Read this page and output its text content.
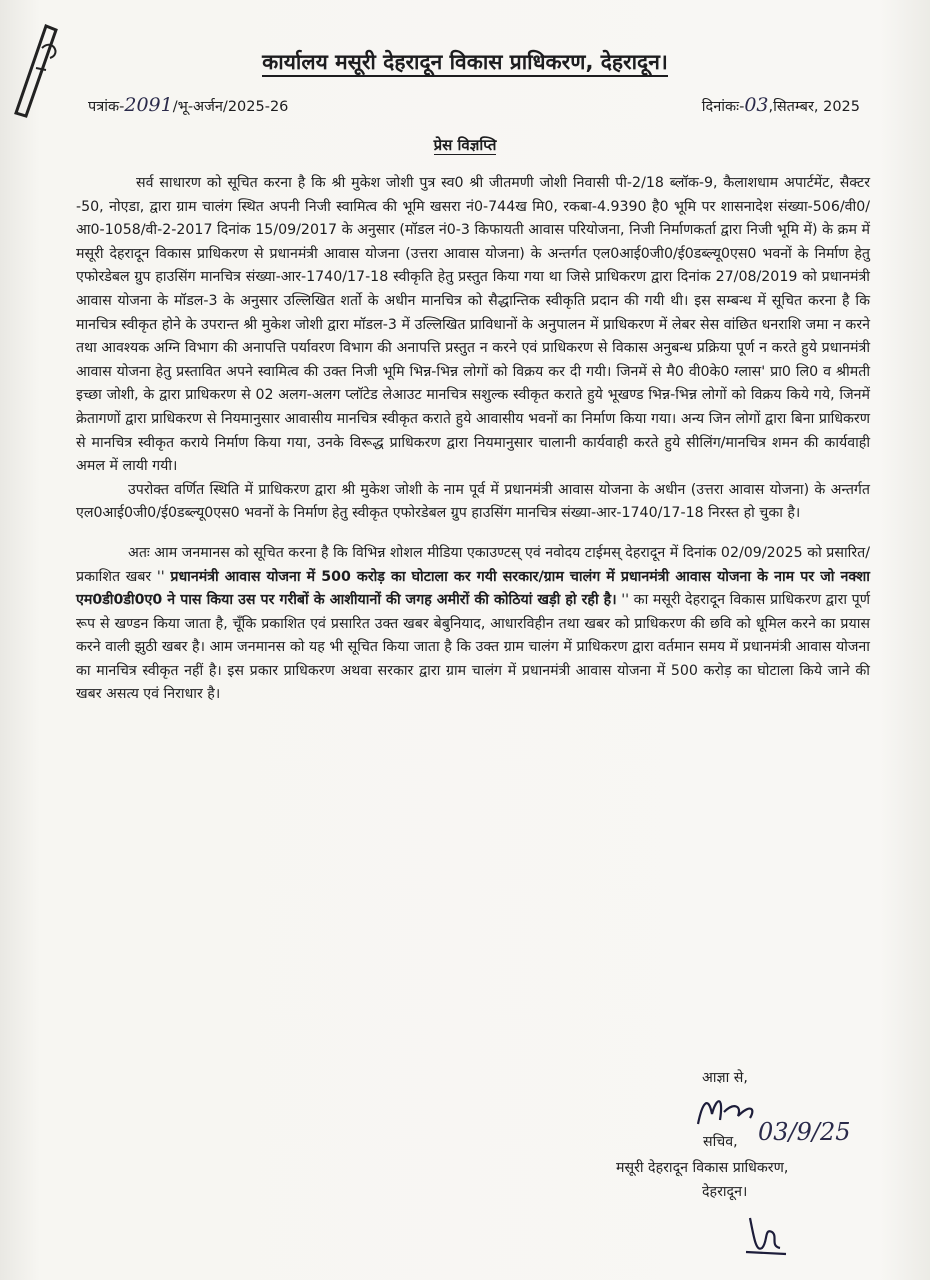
कार्यालय मसूरी देहरादून विकास प्राधिकरण, देहरादून।
पत्रांक-2091/भू-अर्जन/2025-26	दिनांकः-03,सितम्बर, 2025
प्रेस विज्ञप्ति

सर्व साधारण को सूचित करना है कि श्री मुकेश जोशी पुत्र स्व0 श्री जीतमणी जोशी निवासी पी-2/18 ब्लॉक-9, कैलाशधाम अपार्टमेंट, सैक्टर -50, नोएडा, द्वारा ग्राम चालंग स्थित अपनी निजी स्वामित्व की भूमि खसरा नं0-744ख मि0, रकबा-4.9390 है0 भूमि पर शासनादेश संख्या-506/वी0/आ0-1058/वी-2-2017 दिनांक 15/09/2017 के अनुसार (मॉडल नं0-3 किफायती आवास परियोजना, निजी निर्माणकर्ता द्वारा निजी भूमि में) के क्रम में मसूरी देहरादून विकास प्राधिकरण से प्रधानमंत्री आवास योजना (उत्तरा आवास योजना) के अन्तर्गत एल0आई0जी0/ई0डब्ल्यू0एस0 भवनों के निर्माण हेतु एफोरडेबल ग्रुप हाउसिंग मानचित्र संख्या-आर-1740/17-18 स्वीकृति हेतु प्रस्तुत किया गया था जिसे प्राधिकरण द्वारा दिनांक 27/08/2019 को प्रधानमंत्री आवास योजना के मॉडल-3 के अनुसार उल्लिखित शर्तो के अधीन मानचित्र को सैद्धान्तिक स्वीकृति प्रदान की गयी थी। इस सम्बन्ध में सूचित करना है कि मानचित्र स्वीकृत होने के उपरान्त श्री मुकेश जोशी द्वारा मॉडल-3 में उल्लिखित प्राविधानों के अनुपालन में प्राधिकरण में लेबर सेस वांछित धनराशि जमा न करने तथा आवश्यक अग्नि विभाग की अनापत्ति पर्यावरण विभाग की अनापत्ति प्रस्तुत न करने एवं प्राधिकरण से विकास अनुबन्ध प्रक्रिया पूर्ण न करते हुये प्रधानमंत्री आवास योजना हेतु प्रस्तावित अपने स्वामित्व की उक्त निजी भूमि भिन्न-भिन्न लोगों को विक्रय कर दी गयी। जिनमें से मै0 वी0के0 ग्लास' प्रा0 लि0 व श्रीमती इच्छा जोशी, के द्वारा प्राधिकरण से 02 अलग-अलग प्लॉटेड लेआउट मानचित्र सशुल्क स्वीकृत कराते हुये भूखण्ड भिन्न-भिन्न लोगों को विक्रय किये गये, जिनमें क्रेतागणों द्वारा प्राधिकरण से नियमानुसार आवासीय मानचित्र स्वीकृत कराते हुये आवासीय भवनों का निर्माण किया गया। अन्य जिन लोगों द्वारा बिना प्राधिकरण से मानचित्र स्वीकृत कराये निर्माण किया गया, उनके विरूद्ध प्राधिकरण द्वारा नियमानुसार चालानी कार्यवाही करते हुये सीलिंग/मानचित्र शमन की कार्यवाही अमल में लायी गयी।

उपरोक्त वर्णित स्थिति में प्राधिकरण द्वारा श्री मुकेश जोशी के नाम पूर्व में प्रधानमंत्री आवास योजना के अधीन (उत्तरा आवास योजना) के अन्तर्गत एल0आई0जी0/ई0डब्ल्यू0एस0 भवनों के निर्माण हेतु स्वीकृत एफोरडेबल ग्रुप हाउसिंग मानचित्र संख्या-आर-1740/17-18 निरस्त हो चुका है।

अतः आम जनमानस को सूचित करना है कि विभिन्न शोशल मीडिया एकाउण्टस् एवं नवोदय टाईमस् देहरादून में दिनांक 02/09/2025 को प्रसारित/प्रकाशित खबर '' प्रधानमंत्री आवास योजना में 500 करोड़ का घोटाला कर गयी सरकार/ग्राम चालंग में प्रधानमंत्री आवास योजना के नाम पर जो नक्शा एम0डी0डी0ए0 ने पास किया उस पर गरीबों के आशीयानों की जगह अमीरों की कोठियां खड़ी हो रही है। '' का मसूरी देहरादून विकास प्राधिकरण द्वारा पूर्ण रूप से खण्डन किया जाता है, चूँकि प्रकाशित एवं प्रसारित उक्त खबर बेबुनियाद, आधारविहीन तथा खबर को प्राधिकरण की छवि को धूमिल करने का प्रयास करने वाली झुठी खबर है। आम जनमानस को यह भी सूचित किया जाता है कि उक्त ग्राम चालंग में प्राधिकरण द्वारा वर्तमान समय में प्रधानमंत्री आवास योजना का मानचित्र स्वीकृत नहीं है। इस प्रकार प्राधिकरण अथवा सरकार द्वारा ग्राम चालंग में प्रधानमंत्री आवास योजना में 500 करोड़ का घोटाला किये जाने की खबर असत्य एवं निराधार है।

आज्ञा से,
सचिव, 03/9/25
मसूरी देहरादून विकास प्राधिकरण,
देहरादून।
